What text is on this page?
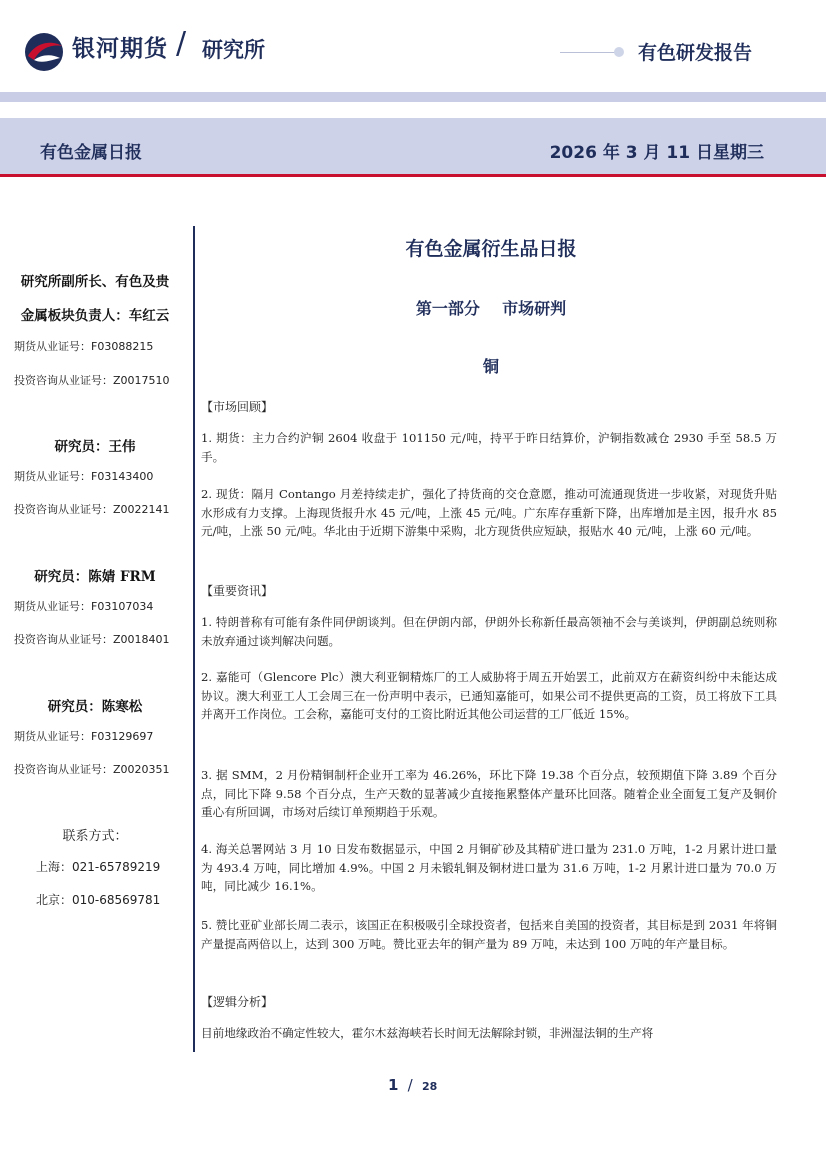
银河期货 / 研究所	有色研发报告
有色金属日报	2026 年 3 月 11 日星期三
研究所副所长、有色及贵
金属板块负责人：车红云
期货从业证号：F03088215
投资咨询从业证号：Z0017510
研究员：王伟
期货从业证号：F03143400
投资咨询从业证号：Z0022141
研究员：陈婧 FRM
期货从业证号：F03107034
投资咨询从业证号：Z0018401
研究员：陈寒松
期货从业证号：F03129697
投资咨询从业证号：Z0020351
联系方式：
上海：021-65789219
北京：010-68569781
有色金属衍生品日报
第一部分    市场研判
铜
【市场回顾】
1. 期货：主力合约沪铜 2604 收盘于 101150 元/吨，持平于昨日结算价，沪铜指数减仓 2930 手至 58.5 万手。
2. 现货：隔月 Contango 月差持续走扩，强化了持货商的交仓意愿，推动可流通现货进一步收紧，对现货升贴水形成有力支撑。上海现货报升水 45 元/吨，上涨 45 元/吨。广东库存重新下降，出库增加是主因，报升水 85 元/吨，上涨 50 元/吨。华北由于近期下游集中采购，北方现货供应短缺，报贴水 40 元/吨，上涨 60 元/吨。
【重要资讯】
1. 特朗普称有可能有条件同伊朗谈判。但在伊朗内部，伊朗外长称新任最高领袖不会与美谈判，伊朗副总统则称未放弃通过谈判解决问题。
2. 嘉能可（Glencore Plc）澳大利亚铜精炼厂的工人威胁将于周五开始罢工，此前双方在薪资纠纷中未能达成协议。澳大利亚工人工会周三在一份声明中表示，已通知嘉能可，如果公司不提供更高的工资，员工将放下工具并离开工作岗位。工会称，嘉能可支付的工资比附近其他公司运营的工厂低近 15%。
3. 据 SMM，2 月份精铜制杆企业开工率为 46.26%，环比下降 19.38 个百分点，较预期值下降 3.89 个百分点，同比下降 9.58 个百分点，生产天数的显著减少直接拖累整体产量环比回落。随着企业全面复工复产及铜价重心有所回调，市场对后续订单预期趋于乐观。
4. 海关总署网站 3 月 10 日发布数据显示，中国 2 月铜矿砂及其精矿进口量为 231.0 万吨，1-2 月累计进口量为 493.4 万吨，同比增加 4.9%。中国 2 月未锻轧铜及铜材进口量为 31.6 万吨，1-2 月累计进口量为 70.0 万吨，同比减少 16.1%。
5. 赞比亚矿业部长周二表示，该国正在积极吸引全球投资者，包括来自美国的投资者，其目标是到 2031 年将铜产量提高两倍以上，达到 300 万吨。赞比亚去年的铜产量为 89 万吨，未达到 100 万吨的年产量目标。
【逻辑分析】
目前地缘政治不确定性较大，霍尔木兹海峡若长时间无法解除封锁，非洲湿法铜的生产将
1 / 28
